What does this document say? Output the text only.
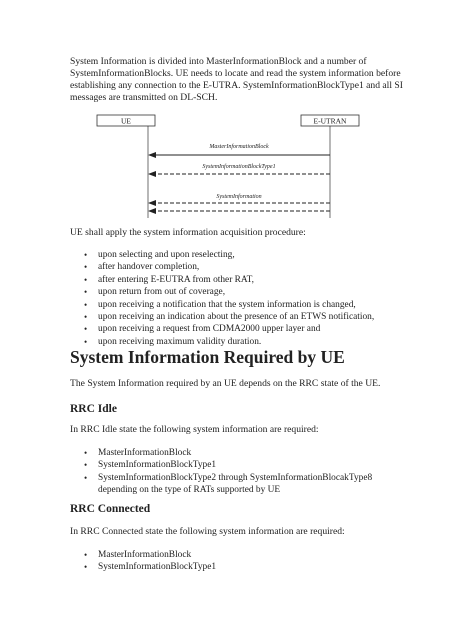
System Information is divided into MasterInformationBlock and a number of SystemInformationBlocks. UE needs to locate and read the system information before establishing any connection to the E-UTRA. SystemInformationBlockType1 and all SI messages are transmitted on DL-SCH.

UE	E-UTRAN
MasterInformationBlock
SystemInformationBlockType1
SystemInformation

UE shall apply the system information acquisition procedure:

• upon selecting and upon reselecting,
• after handover completion,
• after entering E-EUTRA from other RAT,
• upon return from out of coverage,
• upon receiving a notification that the system information is changed,
• upon receiving an indication about the presence of an ETWS notification,
• upon receiving a request from CDMA2000 upper layer and
• upon receiving maximum validity duration.
System Information Required by UE

The System Information required by an UE depends on the RRC state of the UE.

RRC Idle

In RRC Idle state the following system information are required:

• MasterInformationBlock
• SystemInformationBlockType1
• SystemInformationBlockType2 through SystemInformationBlocakType8 depending on the type of RATs supported by UE
RRC Connected

In RRC Connected state the following system information are required:

• MasterInformationBlock
• SystemInformationBlockType1
